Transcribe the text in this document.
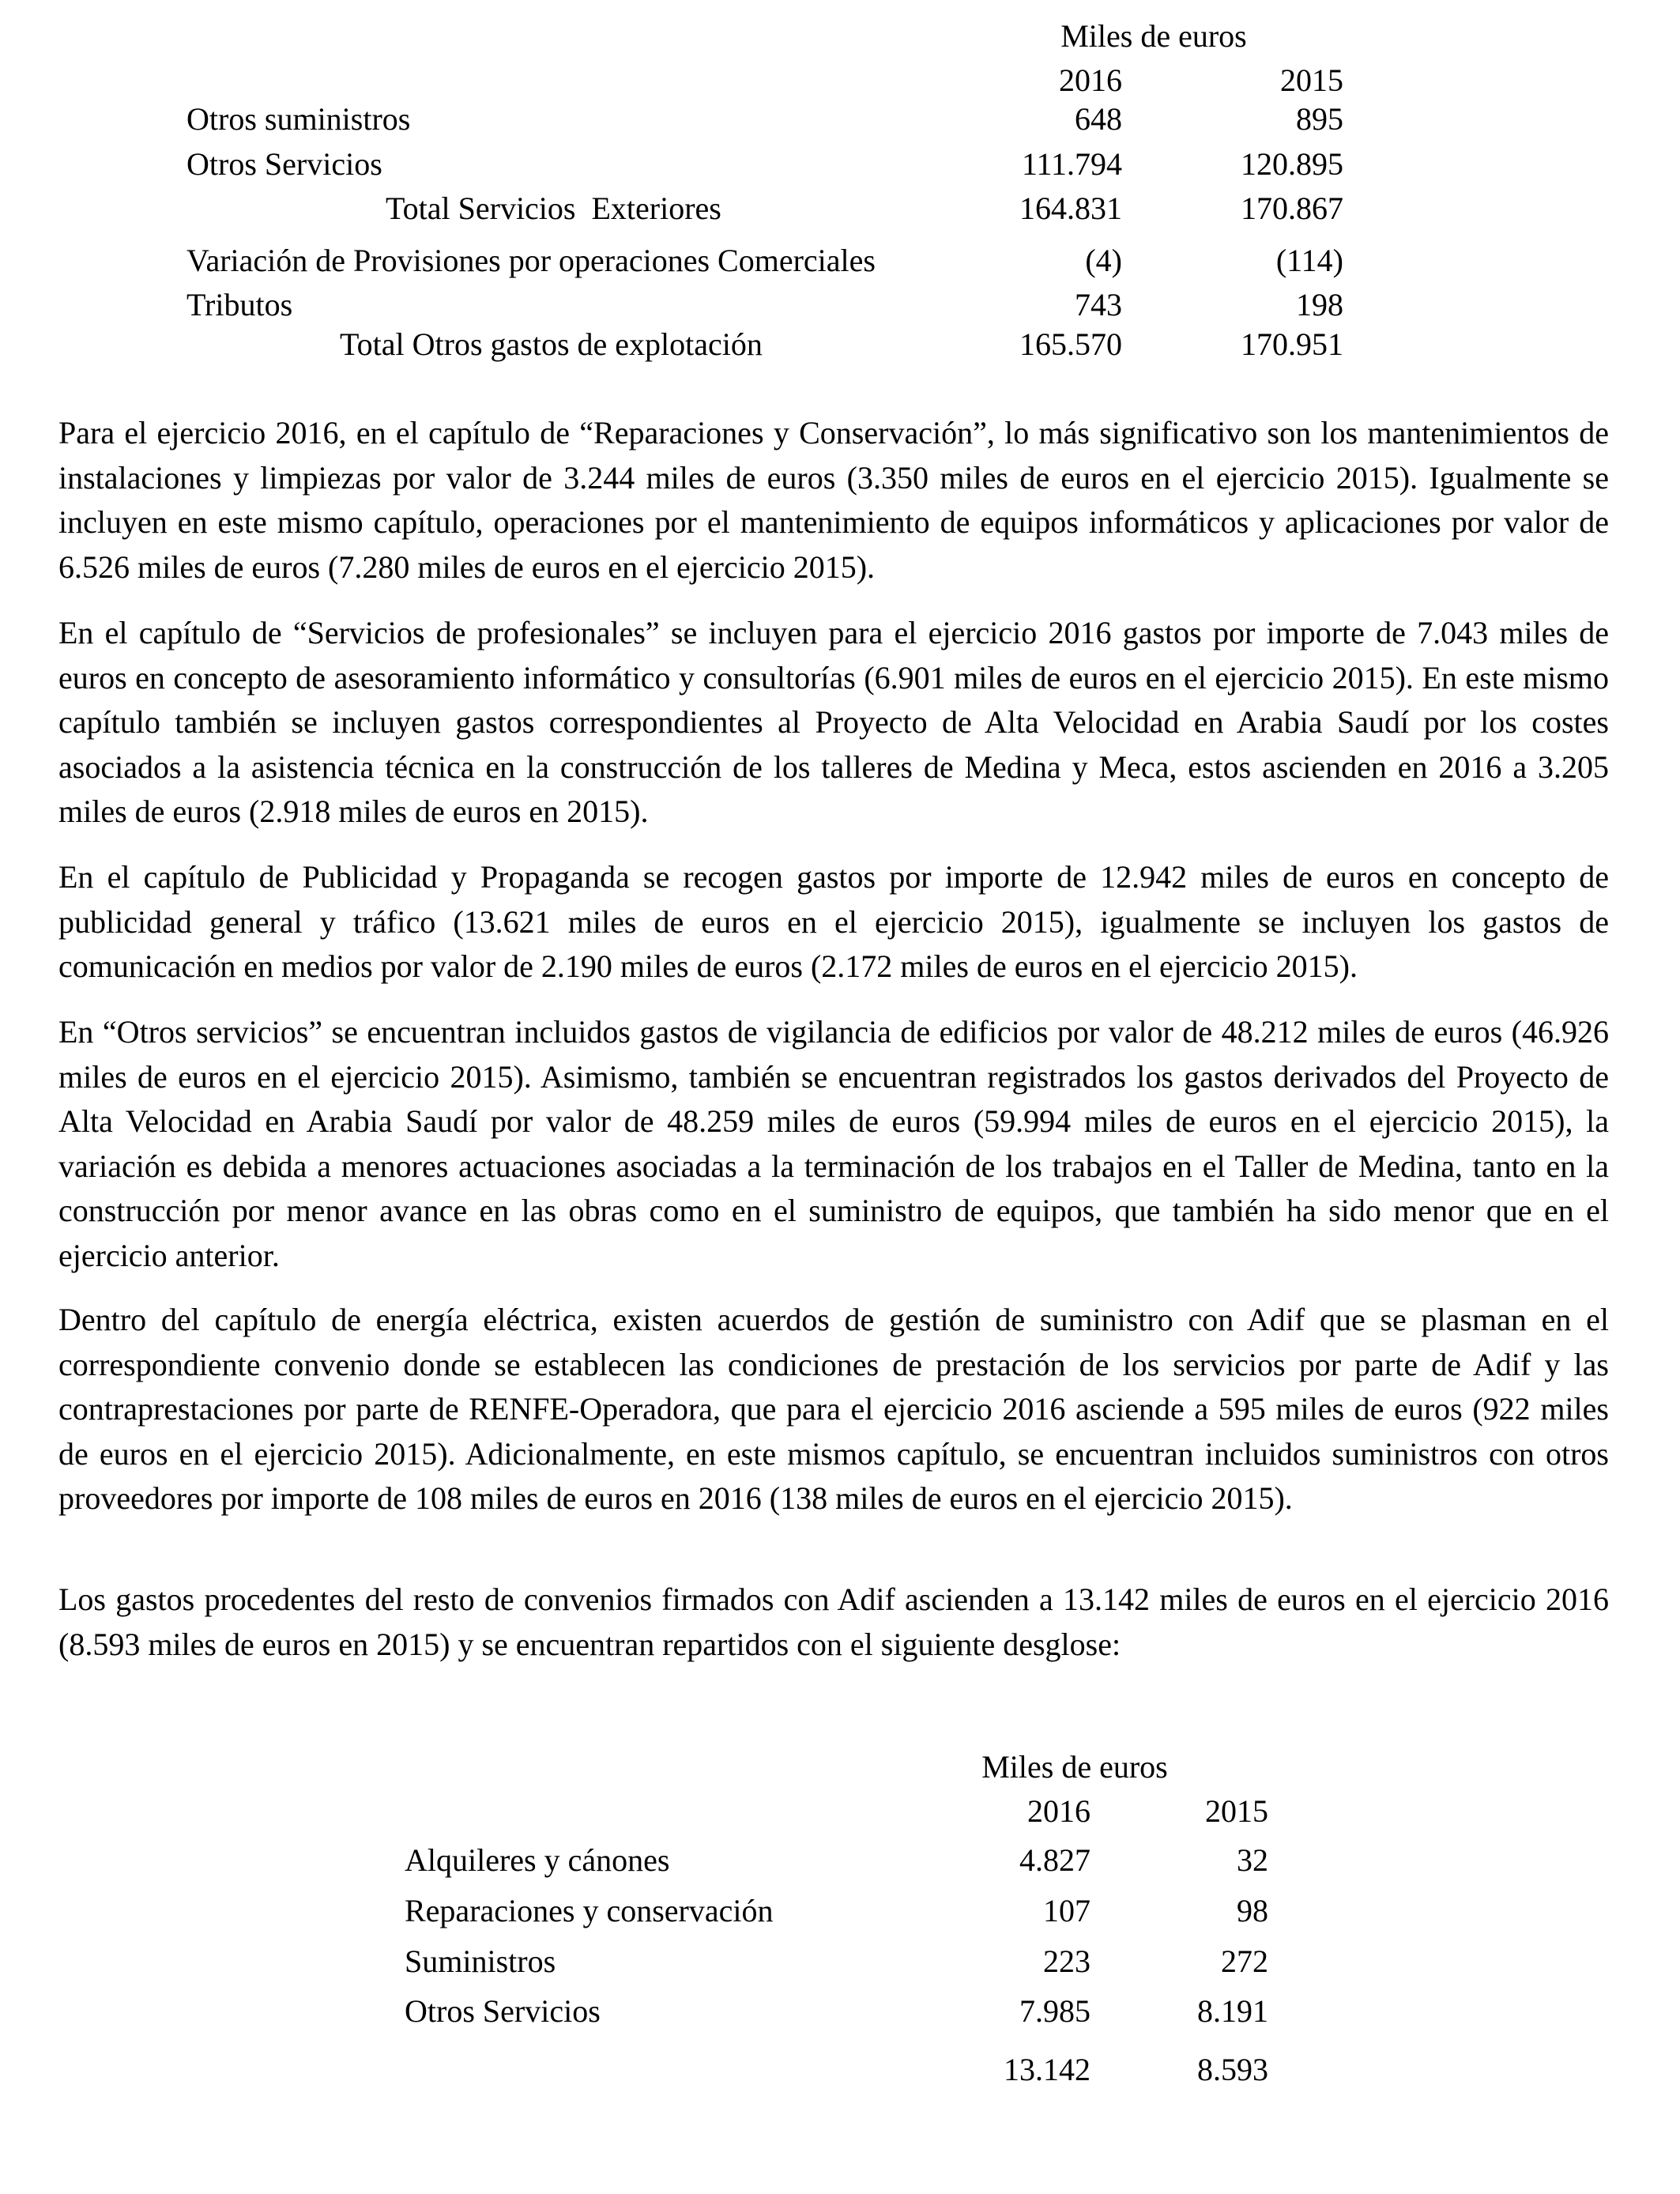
Miles de euros
2016	2015
Otros suministros	648	895
Otros Servicios	111.794	120.895
Total Servicios  Exteriores	164.831	170.867
Variación de Provisiones por operaciones Comerciales	(4)	(114)
Tributos	743	198
Total Otros gastos de explotación	165.570	170.951

Para el ejercicio 2016, en el capítulo de “Reparaciones y Conservación”, lo más significativo son los mantenimientos de instalaciones y limpiezas por valor de 3.244 miles de euros (3.350 miles de euros en el ejercicio 2015). Igualmente se incluyen en este mismo capítulo, operaciones por el mantenimiento de equipos informáticos y aplicaciones por valor de 6.526 miles de euros (7.280 miles de euros en el ejercicio 2015).

En el capítulo de “Servicios de profesionales” se incluyen para el ejercicio 2016 gastos por importe de 7.043 miles de euros en concepto de asesoramiento informático y consultorías (6.901 miles de euros en el ejercicio 2015). En este mismo capítulo también se incluyen gastos correspondientes al Proyecto de Alta Velocidad en Arabia Saudí por los costes asociados a la asistencia técnica en la construcción de los talleres de Medina y Meca, estos ascienden en 2016 a 3.205 miles de euros (2.918 miles de euros en 2015).

En el capítulo de Publicidad y Propaganda se recogen gastos por importe de 12.942 miles de euros en concepto de publicidad general y tráfico (13.621 miles de euros en el ejercicio 2015), igualmente se incluyen los gastos de comunicación en medios por valor de 2.190 miles de euros (2.172 miles de euros en el ejercicio 2015).

En “Otros servicios” se encuentran incluidos gastos de vigilancia de edificios por valor de 48.212 miles de euros (46.926 miles de euros en el ejercicio 2015). Asimismo, también se encuentran registrados los gastos derivados del Proyecto de Alta Velocidad en Arabia Saudí por valor de 48.259 miles de euros (59.994 miles de euros en el ejercicio 2015), la variación es debida a menores actuaciones asociadas a la terminación de los trabajos en el Taller de Medina, tanto en la construcción por menor avance en las obras como en el suministro de equipos, que también ha sido menor que en el ejercicio anterior.

Dentro del capítulo de energía eléctrica, existen acuerdos de gestión de suministro con Adif que se plasman en el correspondiente convenio donde se establecen las condiciones de prestación de los servicios por parte de Adif y las contraprestaciones por parte de RENFE-Operadora, que para el ejercicio 2016 asciende a 595 miles de euros (922 miles de euros en el ejercicio 2015). Adicionalmente, en este mismos capítulo, se encuentran incluidos suministros con otros proveedores por importe de 108 miles de euros en 2016 (138 miles de euros en el ejercicio 2015).

Los gastos procedentes del resto de convenios firmados con Adif ascienden a 13.142 miles de euros en el ejercicio 2016 (8.593 miles de euros en 2015) y se encuentran repartidos con el siguiente desglose:

Miles de euros
2016	2015
Alquileres y cánones	4.827	32
Reparaciones y conservación	107	98
Suministros	223	272
Otros Servicios	7.985	8.191
13.142	8.593
